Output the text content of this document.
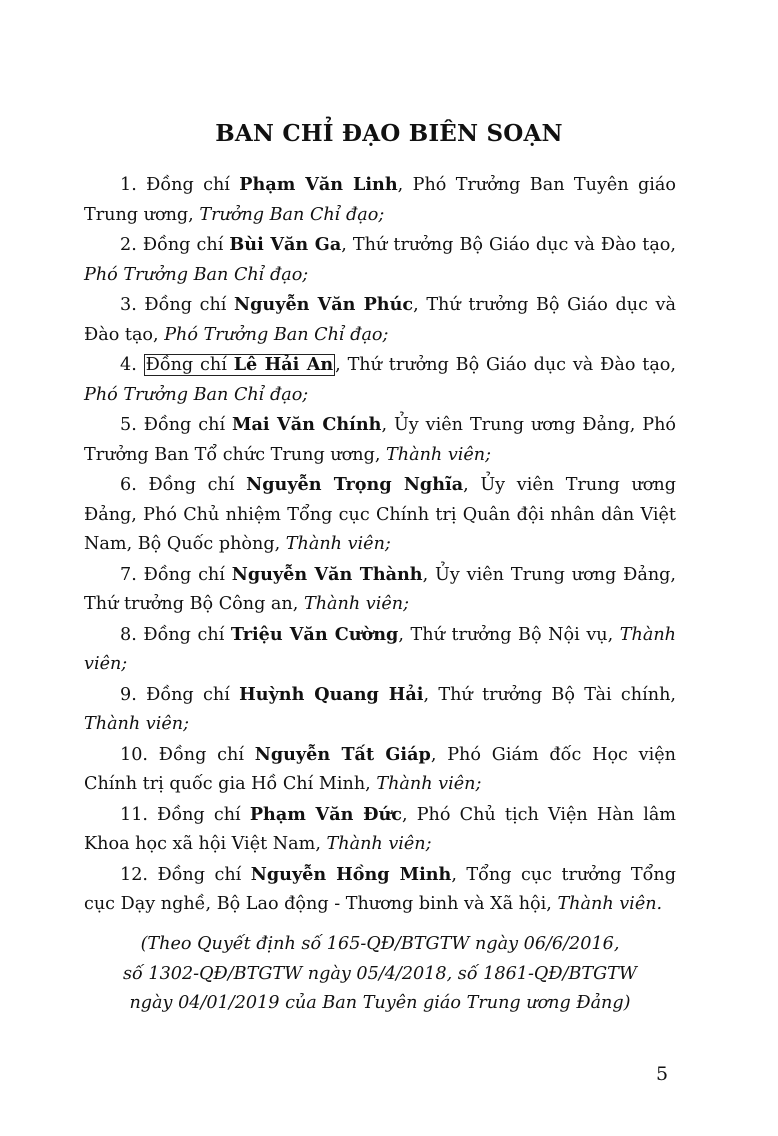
BAN CHỈ ĐẠO BIÊN SOẠN
1. Đồng chí Phạm Văn Linh, Phó Trưởng Ban Tuyên giáo Trung ương, Trưởng Ban Chỉ đạo;
2. Đồng chí Bùi Văn Ga, Thứ trưởng Bộ Giáo dục và Đào tạo, Phó Trưởng Ban Chỉ đạo;
3. Đồng chí Nguyễn Văn Phúc, Thứ trưởng Bộ Giáo dục và Đào tạo, Phó Trưởng Ban Chỉ đạo;
4. Đồng chí Lê Hải An , Thứ trưởng Bộ Giáo dục và Đào tạo, Phó Trưởng Ban Chỉ đạo;
5. Đồng chí Mai Văn Chính, Ủy viên Trung ương Đảng, Phó Trưởng Ban Tổ chức Trung ương, Thành viên;
6. Đồng chí Nguyễn Trọng Nghĩa, Ủy viên Trung ương Đảng, Phó Chủ nhiệm Tổng cục Chính trị Quân đội nhân dân Việt Nam, Bộ Quốc phòng, Thành viên;
7. Đồng chí Nguyễn Văn Thành, Ủy viên Trung ương Đảng, Thứ trưởng Bộ Công an, Thành viên;
8. Đồng chí Triệu Văn Cường, Thứ trưởng Bộ Nội vụ, Thành viên;
9. Đồng chí Huỳnh Quang Hải, Thứ trưởng Bộ Tài chính, Thành viên;
10. Đồng chí Nguyễn Tất Giáp, Phó Giám đốc Học viện Chính trị quốc gia Hồ Chí Minh, Thành viên;
11. Đồng chí Phạm Văn Đức, Phó Chủ tịch Viện Hàn lâm Khoa học xã hội Việt Nam, Thành viên;
12. Đồng chí Nguyễn Hồng Minh, Tổng cục trưởng Tổng cục Dạy nghề, Bộ Lao động - Thương binh và Xã hội, Thành viên.
(Theo Quyết định số 165-QĐ/BTGTW ngày 06/6/2016,
số 1302-QĐ/BTGTW ngày 05/4/2018, số 1861-QĐ/BTGTW
ngày 04/01/2019 của Ban Tuyên giáo Trung ương Đảng)
5
